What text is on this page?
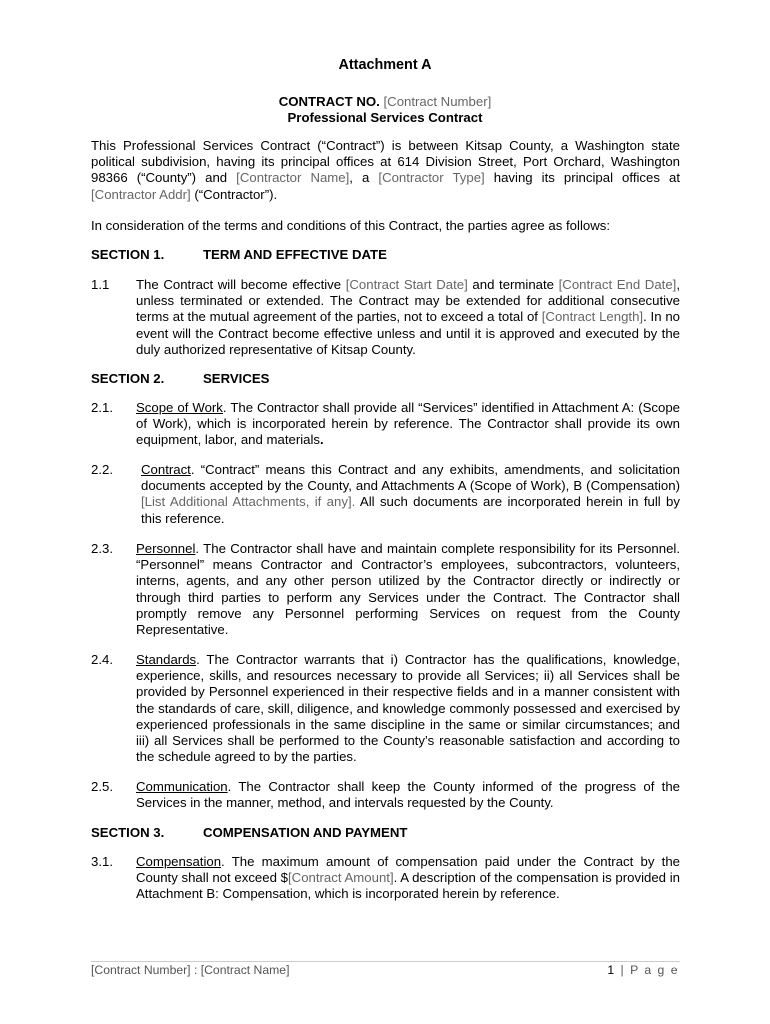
Attachment A
CONTRACT NO. [Contract Number]
Professional Services Contract
This Professional Services Contract (“Contract”) is between Kitsap County, a Washington state political subdivision, having its principal offices at 614 Division Street, Port Orchard, Washington 98366 (“County”) and [Contractor Name], a [Contractor Type] having its principal offices at [Contractor Addr] (“Contractor”).
In consideration of the terms and conditions of this Contract, the parties agree as follows:
SECTION 1.	TERM AND EFFECTIVE DATE
1.1 The Contract will become effective [Contract Start Date] and terminate [Contract End Date], unless terminated or extended. The Contract may be extended for additional consecutive terms at the mutual agreement of the parties, not to exceed a total of [Contract Length]. In no event will the Contract become effective unless and until it is approved and executed by the duly authorized representative of Kitsap County.
SECTION 2.	SERVICES
2.1. Scope of Work. The Contractor shall provide all “Services” identified in Attachment A: (Scope of Work), which is incorporated herein by reference. The Contractor shall provide its own equipment, labor, and materials.
2.2. Contract. “Contract” means this Contract and any exhibits, amendments, and solicitation documents accepted by the County, and Attachments A (Scope of Work), B (Compensation)[List Additional Attachments, if any]. All such documents are incorporated herein in full by this reference.
2.3. Personnel. The Contractor shall have and maintain complete responsibility for its Personnel. “Personnel” means Contractor and Contractor’s employees, subcontractors, volunteers, interns, agents, and any other person utilized by the Contractor directly or indirectly or through third parties to perform any Services under the Contract. The Contractor shall promptly remove any Personnel performing Services on request from the County Representative.
2.4. Standards. The Contractor warrants that i) Contractor has the qualifications, knowledge, experience, skills, and resources necessary to provide all Services; ii) all Services shall be provided by Personnel experienced in their respective fields and in a manner consistent with the standards of care, skill, diligence, and knowledge commonly possessed and exercised by experienced professionals in the same discipline in the same or similar circumstances; and iii) all Services shall be performed to the County’s reasonable satisfaction and according to the schedule agreed to by the parties.
2.5. Communication. The Contractor shall keep the County informed of the progress of the Services in the manner, method, and intervals requested by the County.
SECTION 3.	COMPENSATION AND PAYMENT
3.1. Compensation. The maximum amount of compensation paid under the Contract by the County shall not exceed $[Contract Amount]. A description of the compensation is provided in Attachment B: Compensation, which is incorporated herein by reference.
[Contract Number] : [Contract Name]	1 | P a g e
